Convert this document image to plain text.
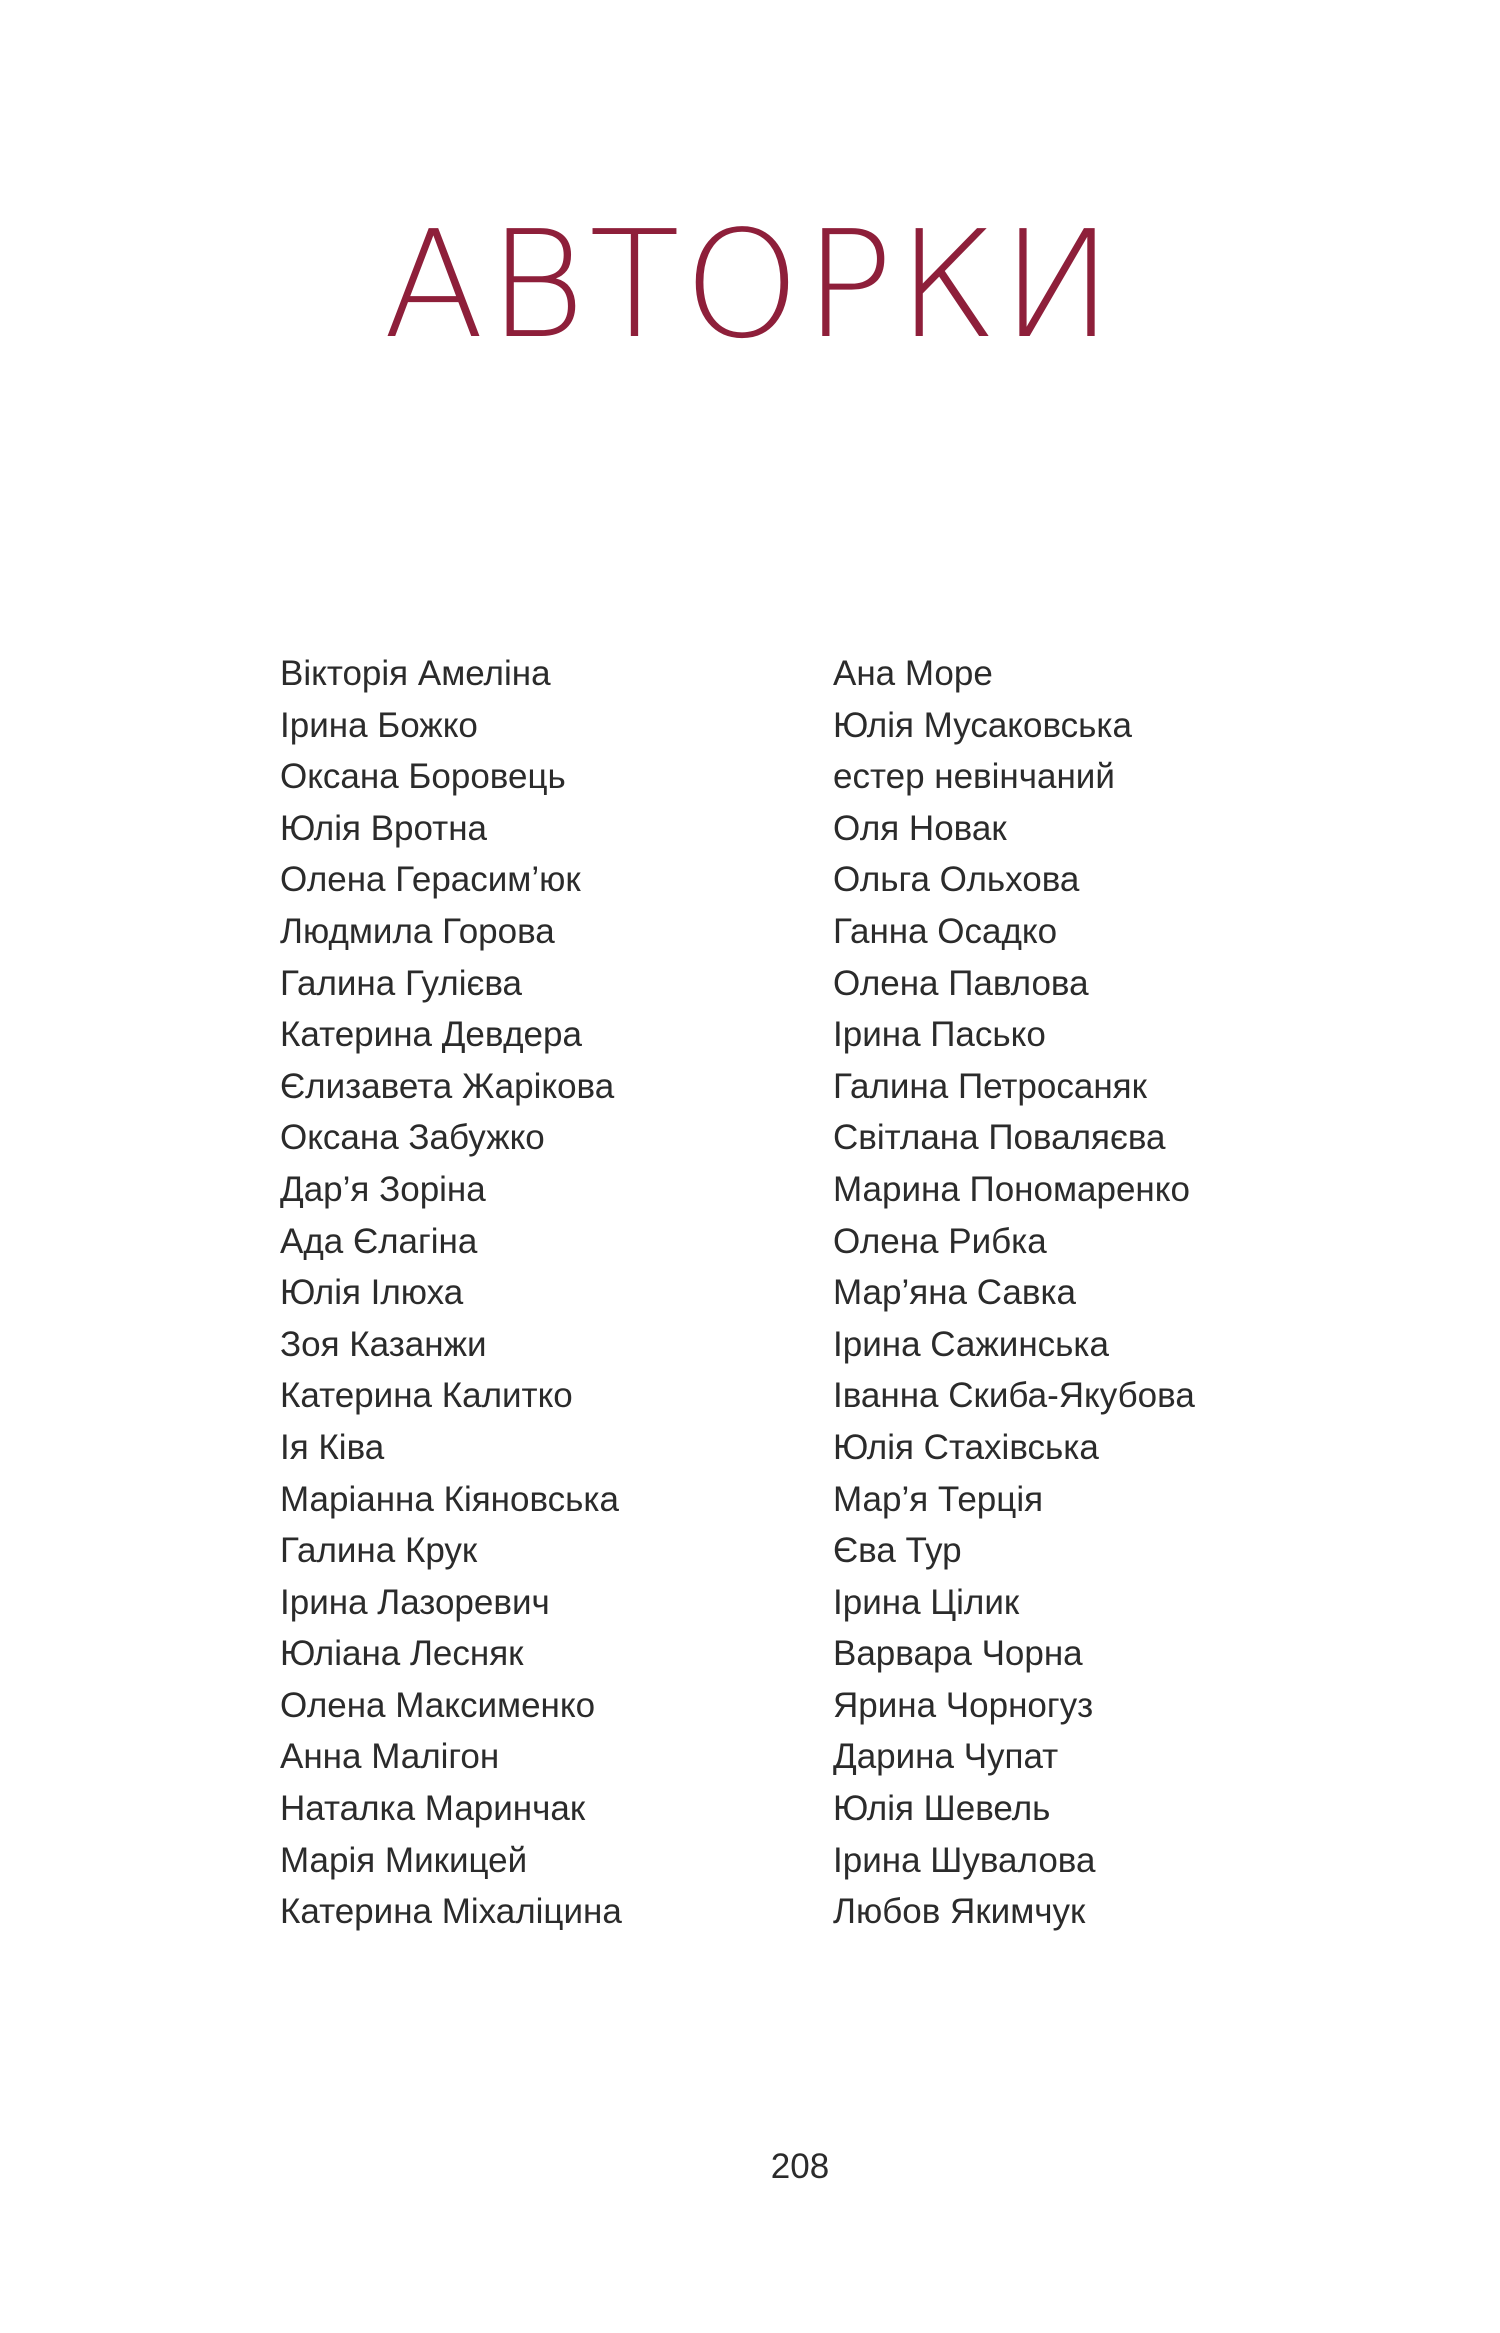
АВТОРКИ
Вікторія Амеліна
Ірина Божко
Оксана Боровець
Юлія Вротна
Олена Герасим’юк
Людмила Горова
Галина Гулієва
Катерина Девдера
Єлизавета Жарікова
Оксана Забужко
Дар’я Зоріна
Ада Єлагіна
Юлія Ілюха
Зоя Казанжи
Катерина Калитко
Ія Ківа
Маріанна Кіяновська
Галина Крук
Ірина Лазоревич
Юліана Лесняк
Олена Максименко
Анна Малігон
Наталка Маринчак
Марія Микицей
Катерина Міхаліцина
Ана Море
Юлія Мусаковська
естер невінчаний
Оля Новак
Ольга Ольхова
Ганна Осадко
Олена Павлова
Ірина Пасько
Галина Петросаняк
Світлана Поваляєва
Марина Пономаренко
Олена Рибка
Мар’яна Савка
Ірина Сажинська
Іванна Скиба-Якубова
Юлія Стахівська
Мар’я Терція
Єва Тур
Ірина Цілик
Варвара Чорна
Ярина Чорногуз
Дарина Чупат
Юлія Шевель
Ірина Шувалова
Любов Якимчук
208
